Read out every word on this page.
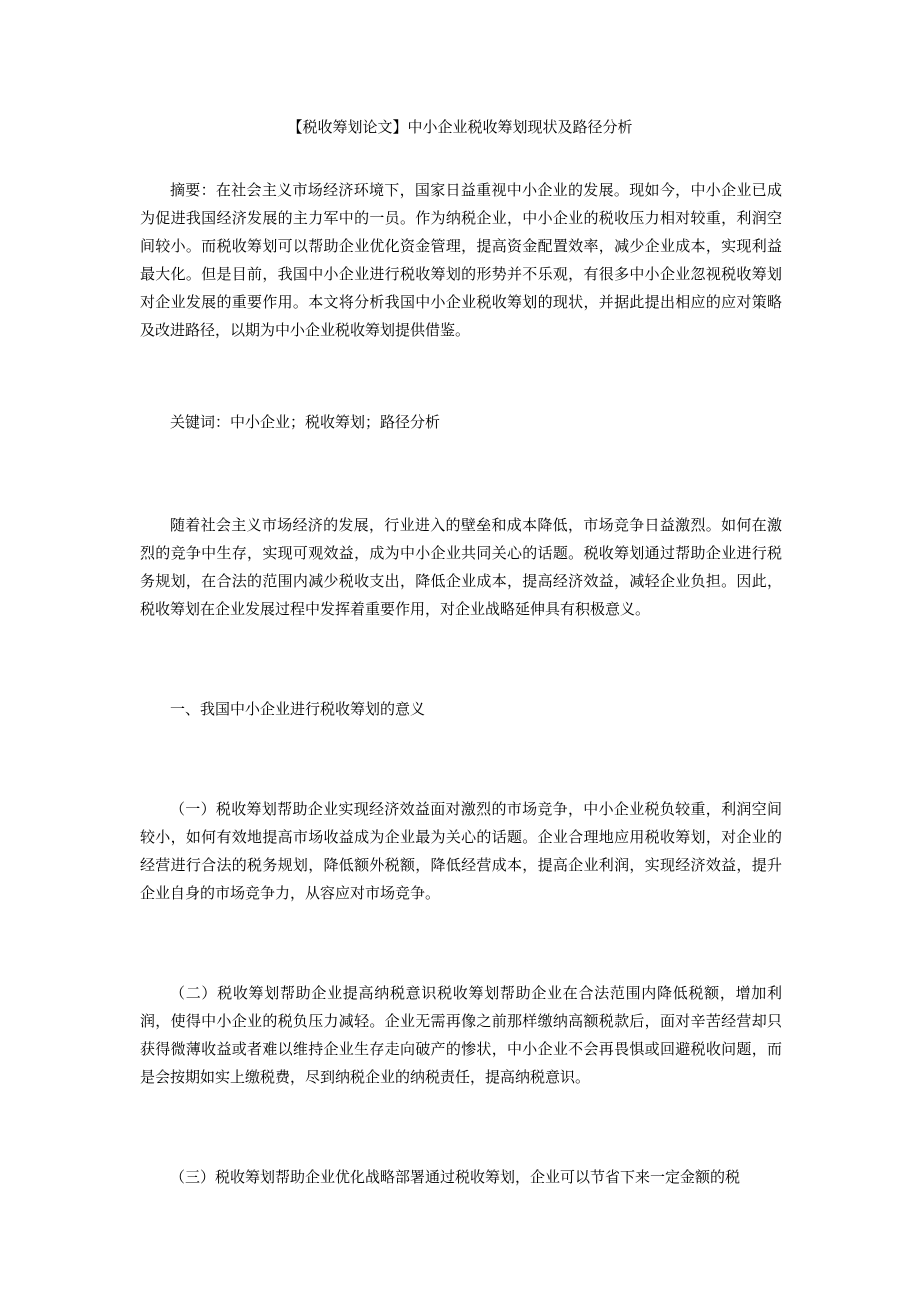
【税收筹划论文】中小企业税收筹划现状及路径分析

摘要：在社会主义市场经济环境下，国家日益重视中小企业的发展。现如今，中小企业已成为促进我国经济发展的主力军中的一员。作为纳税企业，中小企业的税收压力相对较重，利润空间较小。而税收筹划可以帮助企业优化资金管理，提高资金配置效率，减少企业成本，实现利益最大化。但是目前，我国中小企业进行税收筹划的形势并不乐观，有很多中小企业忽视税收筹划对企业发展的重要作用。本文将分析我国中小企业税收筹划的现状，并据此提出相应的应对策略及改进路径，以期为中小企业税收筹划提供借鉴。

关键词：中小企业；税收筹划；路径分析

随着社会主义市场经济的发展，行业进入的壁垒和成本降低，市场竞争日益激烈。如何在激烈的竞争中生存，实现可观效益，成为中小企业共同关心的话题。税收筹划通过帮助企业进行税务规划，在合法的范围内减少税收支出，降低企业成本，提高经济效益，减轻企业负担。因此，税收筹划在企业发展过程中发挥着重要作用，对企业战略延伸具有积极意义。

一、我国中小企业进行税收筹划的意义

（一）税收筹划帮助企业实现经济效益面对激烈的市场竞争，中小企业税负较重，利润空间较小，如何有效地提高市场收益成为企业最为关心的话题。企业合理地应用税收筹划，对企业的经营进行合法的税务规划，降低额外税额，降低经营成本，提高企业利润，实现经济效益，提升企业自身的市场竞争力，从容应对市场竞争。

（二）税收筹划帮助企业提高纳税意识税收筹划帮助企业在合法范围内降低税额，增加利润，使得中小企业的税负压力减轻。企业无需再像之前那样缴纳高额税款后，面对辛苦经营却只获得微薄收益或者难以维持企业生存走向破产的惨状，中小企业不会再畏惧或回避税收问题，而是会按期如实上缴税费，尽到纳税企业的纳税责任，提高纳税意识。

（三）税收筹划帮助企业优化战略部署通过税收筹划，企业可以节省下来一定金额的税
